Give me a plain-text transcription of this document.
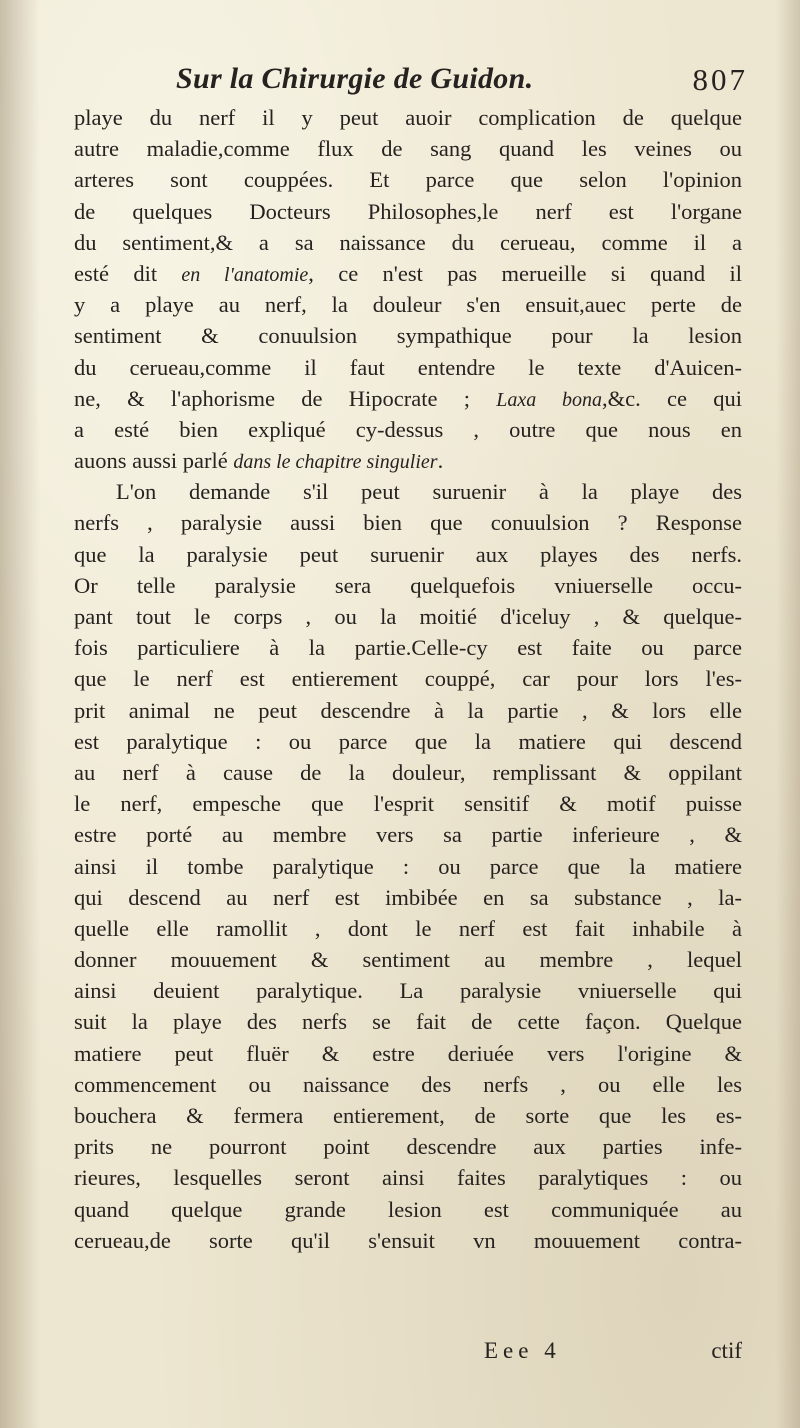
Sur la Chirurgie de Guidon.	807
playe du nerf il y peut auoir complication de quelque
autre maladie,comme flux de sang quand les veines ou
arteres sont couppées. Et parce que selon l'opinion
de quelques Docteurs Philosophes,le nerf est l'organe
du sentiment,& a sa naissance du cerueau, comme il a
esté dit en l'anatomie, ce n'est pas merueille si quand il
y a playe au nerf, la douleur s'en ensuit,auec perte de
sentiment & conuulsion sympathique pour la lesion
du cerueau,comme il faut entendre le texte d'Auicen-
ne, & l'aphorisme de Hipocrate ; Laxa bona,&c. ce qui
a esté bien expliqué cy-dessus , outre que nous en
auons aussi parlé dans le chapitre singulier.
L'on demande s'il peut suruenir à la playe des
nerfs , paralysie aussi bien que conuulsion ? Response
que la paralysie peut suruenir aux playes des nerfs.
Or telle paralysie sera quelquefois vniuerselle occu-
pant tout le corps , ou la moitié d'iceluy , & quelque-
fois particuliere à la partie.Celle-cy est faite ou parce
que le nerf est entierement couppé, car pour lors l'es-
prit animal ne peut descendre à la partie , & lors elle
est paralytique : ou parce que la matiere qui descend
au nerf à cause de la douleur, remplissant & oppilant
le nerf, empesche que l'esprit sensitif & motif puisse
estre porté au membre vers sa partie inferieure , &
ainsi il tombe paralytique : ou parce que la matiere
qui descend au nerf est imbibée en sa substance , la-
quelle elle ramollit , dont le nerf est fait inhabile à
donner mouuement & sentiment au membre , lequel
ainsi deuient paralytique. La paralysie vniuerselle qui
suit la playe des nerfs se fait de cette façon. Quelque
matiere peut fluër & estre deriuée vers l'origine &
commencement ou naissance des nerfs , ou elle les
bouchera & fermera entierement, de sorte que les es-
prits ne pourront point descendre aux parties infe-
rieures, lesquelles seront ainsi faites paralytiques : ou
quand quelque grande lesion est communiquée au
cerueau,de sorte qu'il s'ensuit vn mouuement contra-
Eee 4	ctif
